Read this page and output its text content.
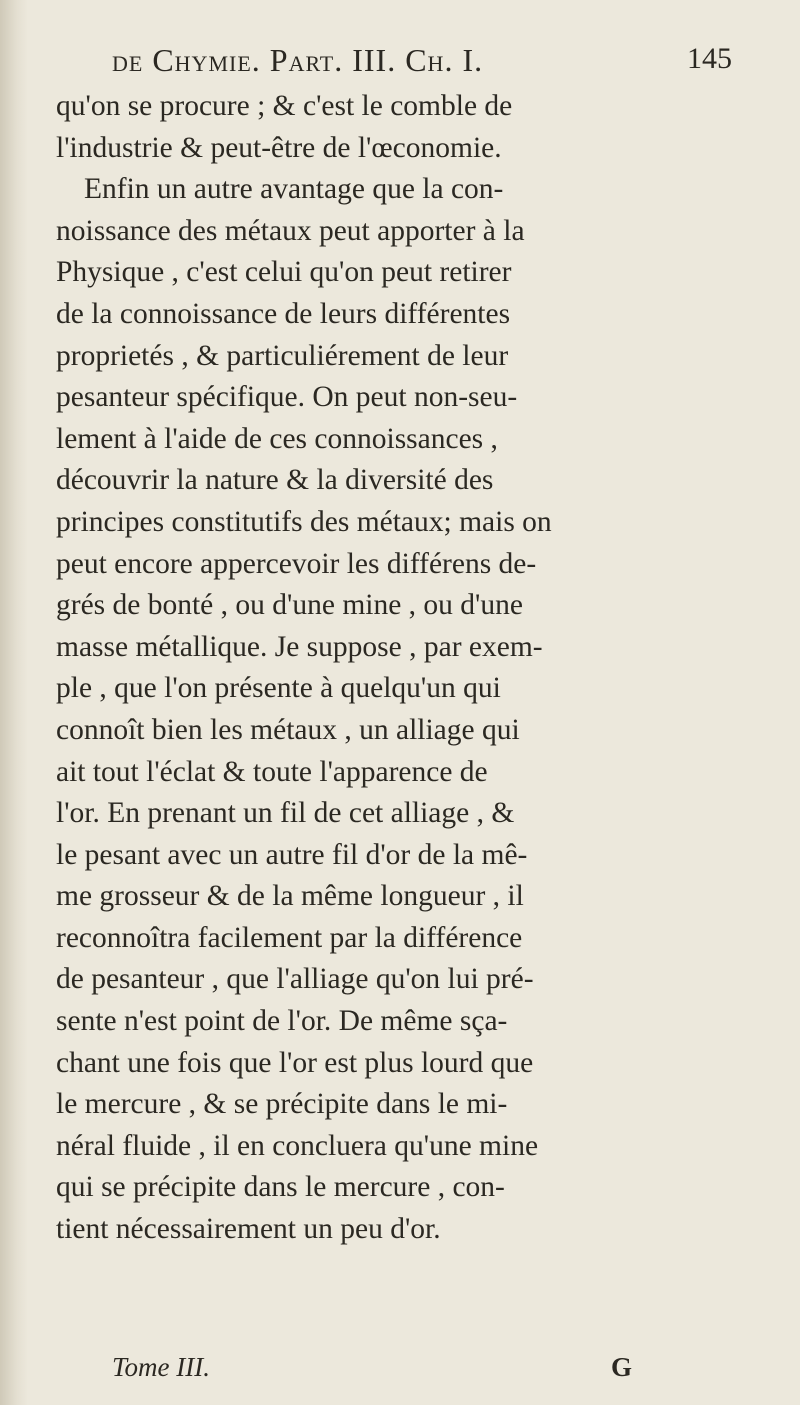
de Chymie. Part. III. Ch. I.	145
qu'on se procure ; & c'est le comble de
l'industrie & peut-être de l'œconomie.
Enfin un autre avantage que la con-
noissance des métaux peut apporter à la
Physique , c'est celui qu'on peut retirer
de la connoissance de leurs différentes
proprietés , & particuliérement de leur
pesanteur spécifique. On peut non-seu-
lement à l'aide de ces connoissances ,
découvrir la nature & la diversité des
principes constitutifs des métaux; mais on
peut encore appercevoir les différens de-
grés de bonté , ou d'une mine , ou d'une
masse métallique. Je suppose , par exem-
ple , que l'on présente à quelqu'un qui
connoît bien les métaux , un alliage qui
ait tout l'éclat & toute l'apparence de
l'or. En prenant un fil de cet alliage , &
le pesant avec un autre fil d'or de la mê-
me grosseur & de la même longueur , il
reconnoîtra facilement par la différence
de pesanteur , que l'alliage qu'on lui pré-
sente n'est point de l'or. De même sça-
chant une fois que l'or est plus lourd que
le mercure , & se précipite dans le mi-
néral fluide , il en concluera qu'une mine
qui se précipite dans le mercure , con-
tient nécessairement un peu d'or.
Tome III.	G
